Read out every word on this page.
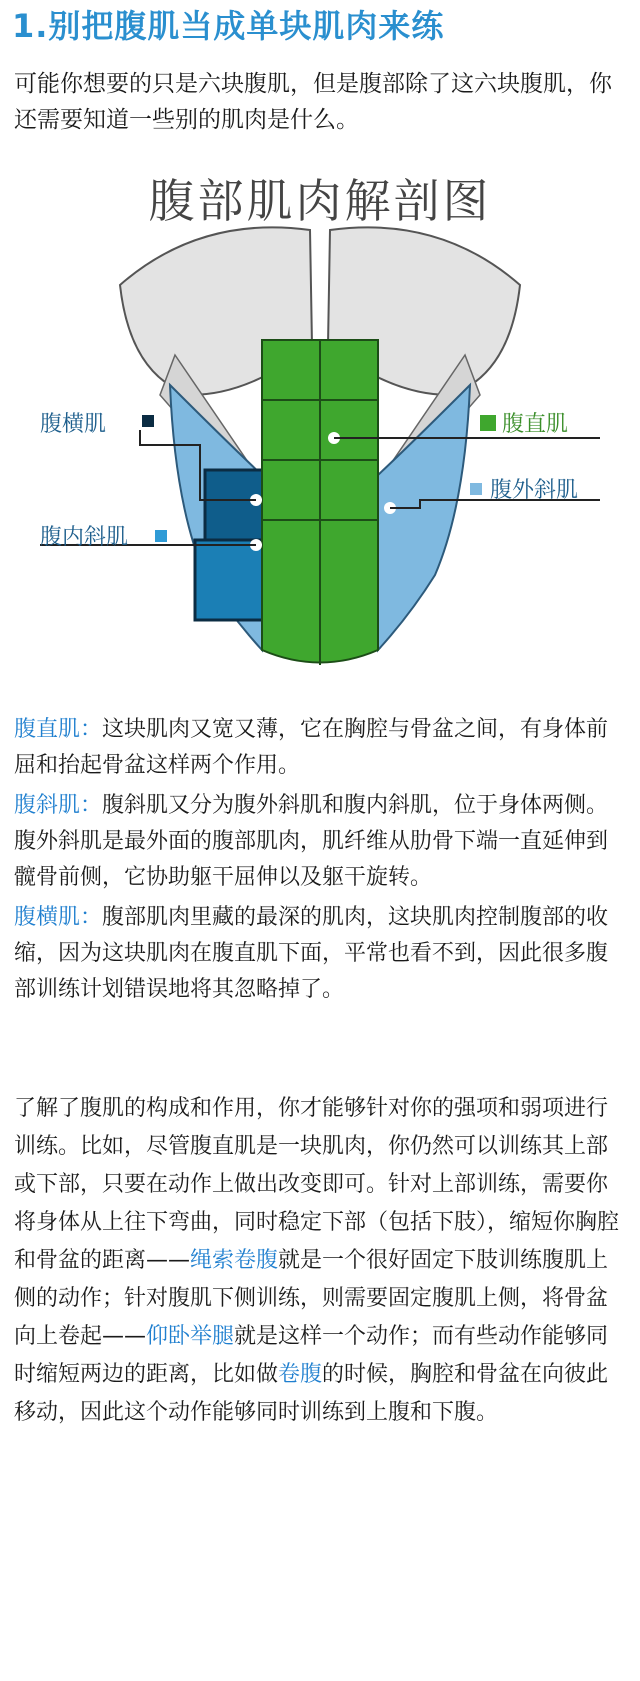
1.别把腹肌当成单块肌肉来练
可能你想要的只是六块腹肌，但是腹部除了这六块腹肌，你还需要知道一些别的肌肉是什么。
腹部肌肉解剖图
腹横肌
腹内斜肌
腹直肌
腹外斜肌

腹直肌：这块肌肉又宽又薄，它在胸腔与骨盆之间，有身体前屈和抬起骨盆这样两个作用。

腹斜肌：腹斜肌又分为腹外斜肌和腹内斜肌，位于身体两侧。腹外斜肌是最外面的腹部肌肉，肌纤维从肋骨下端一直延伸到髋骨前侧，它协助躯干屈伸以及躯干旋转。

腹横肌：腹部肌肉里藏的最深的肌肉，这块肌肉控制腹部的收缩，因为这块肌肉在腹直肌下面，平常也看不到，因此很多腹部训练计划错误地将其忽略掉了。

了解了腹肌的构成和作用，你才能够针对你的强项和弱项进行训练。比如，尽管腹直肌是一块肌肉，你仍然可以训练其上部或下部，只要在动作上做出改变即可。针对上部训练，需要你将身体从上往下弯曲，同时稳定下部（包括下肢），缩短你胸腔和骨盆的距离——绳索卷腹就是一个很好固定下肢训练腹肌上侧的动作；针对腹肌下侧训练，则需要固定腹肌上侧，将骨盆向上卷起——仰卧举腿就是这样一个动作；而有些动作能够同时缩短两边的距离，比如做卷腹的时候，胸腔和骨盆在向彼此移动，因此这个动作能够同时训练到上腹和下腹。
